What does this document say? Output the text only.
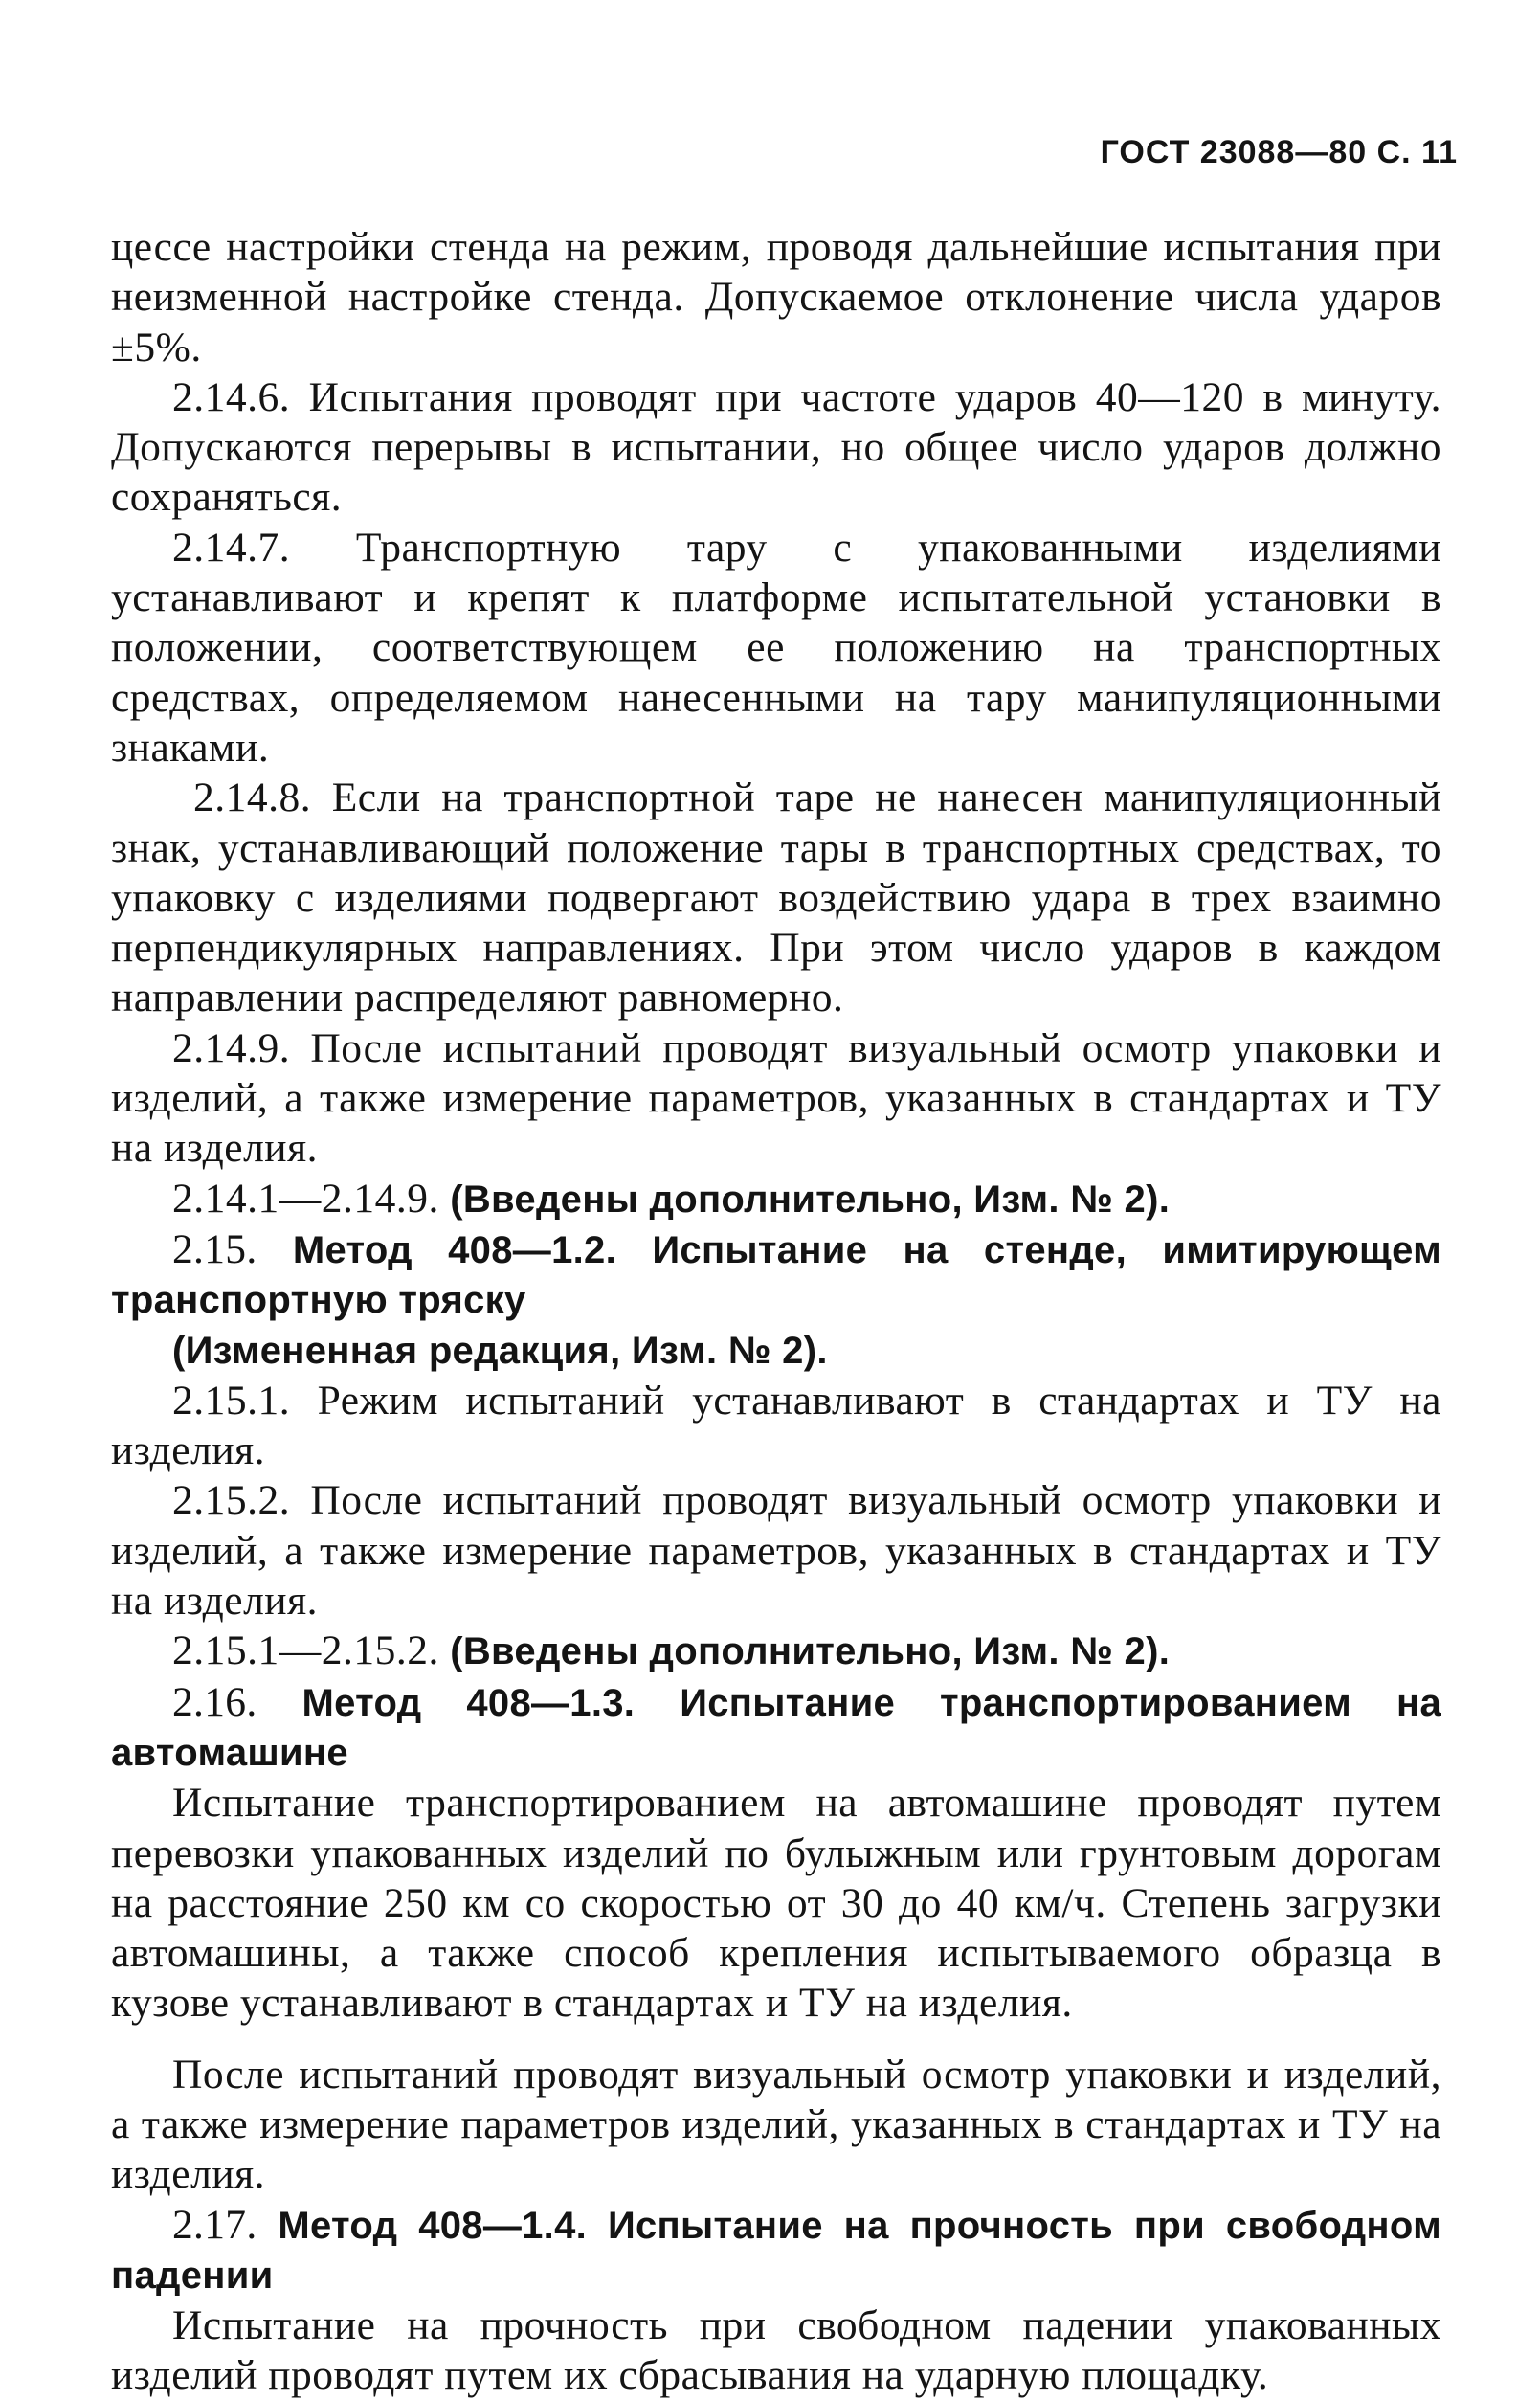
ГОСТ 23088—80 С. 11

цессе настройки стенда на режим, проводя дальнейшие испытания при неизменной настройке стенда. Допускаемое отклонение числа ударов ±5%.

2.14.6. Испытания проводят при частоте ударов 40—120 в минуту. Допускаются перерывы в испытании, но общее число ударов должно сохраняться.

2.14.7. Транспортную тару с упакованными изделиями устанавливают и крепят к платформе испытательной установки в положении, соответствующем ее положению на транспортных средствах, определяемом нанесенными на тару манипуляционными знаками.

2.14.8. Если на транспортной таре не нанесен манипуляционный знак, устанавливающий положение тары в транспортных средствах, то упаковку с изделиями подвергают воздействию удара в трех взаимно перпендикулярных направлениях. При этом число ударов в каждом направлении распределяют равномерно.

2.14.9. После испытаний проводят визуальный осмотр упаковки и изделий, а также измерение параметров, указанных в стандартах и ТУ на изделия.

2.14.1—2.14.9. (Введены дополнительно, Изм. № 2).

2.15. Метод 408—1.2. Испытание на стенде, имитирующем транспортную тряску

(Измененная редакция, Изм. № 2).

2.15.1. Режим испытаний устанавливают в стандартах и ТУ на изделия.

2.15.2. После испытаний проводят визуальный осмотр упаковки и изделий, а также измерение параметров, указанных в стандартах и ТУ на изделия.

2.15.1—2.15.2. (Введены дополнительно, Изм. № 2).

2.16. Метод 408—1.3. Испытание транспортированием на автомашине

Испытание транспортированием на автомашине проводят путем перевозки упакованных изделий по булыжным или грунтовым дорогам на расстояние 250 км со скоростью от 30 до 40 км/ч. Степень загрузки автомашины, а также способ крепления испытываемого образца в кузове устанавливают в стандартах и ТУ на изделия.

После испытаний проводят визуальный осмотр упаковки и изделий, а также измерение параметров изделий, указанных в стандартах и ТУ на изделия.

2.17. Метод 408—1.4. Испытание на прочность при свободном падении

Испытание на прочность при свободном падении упакованных изделий проводят путем их сбрасывания на ударную площадку.
